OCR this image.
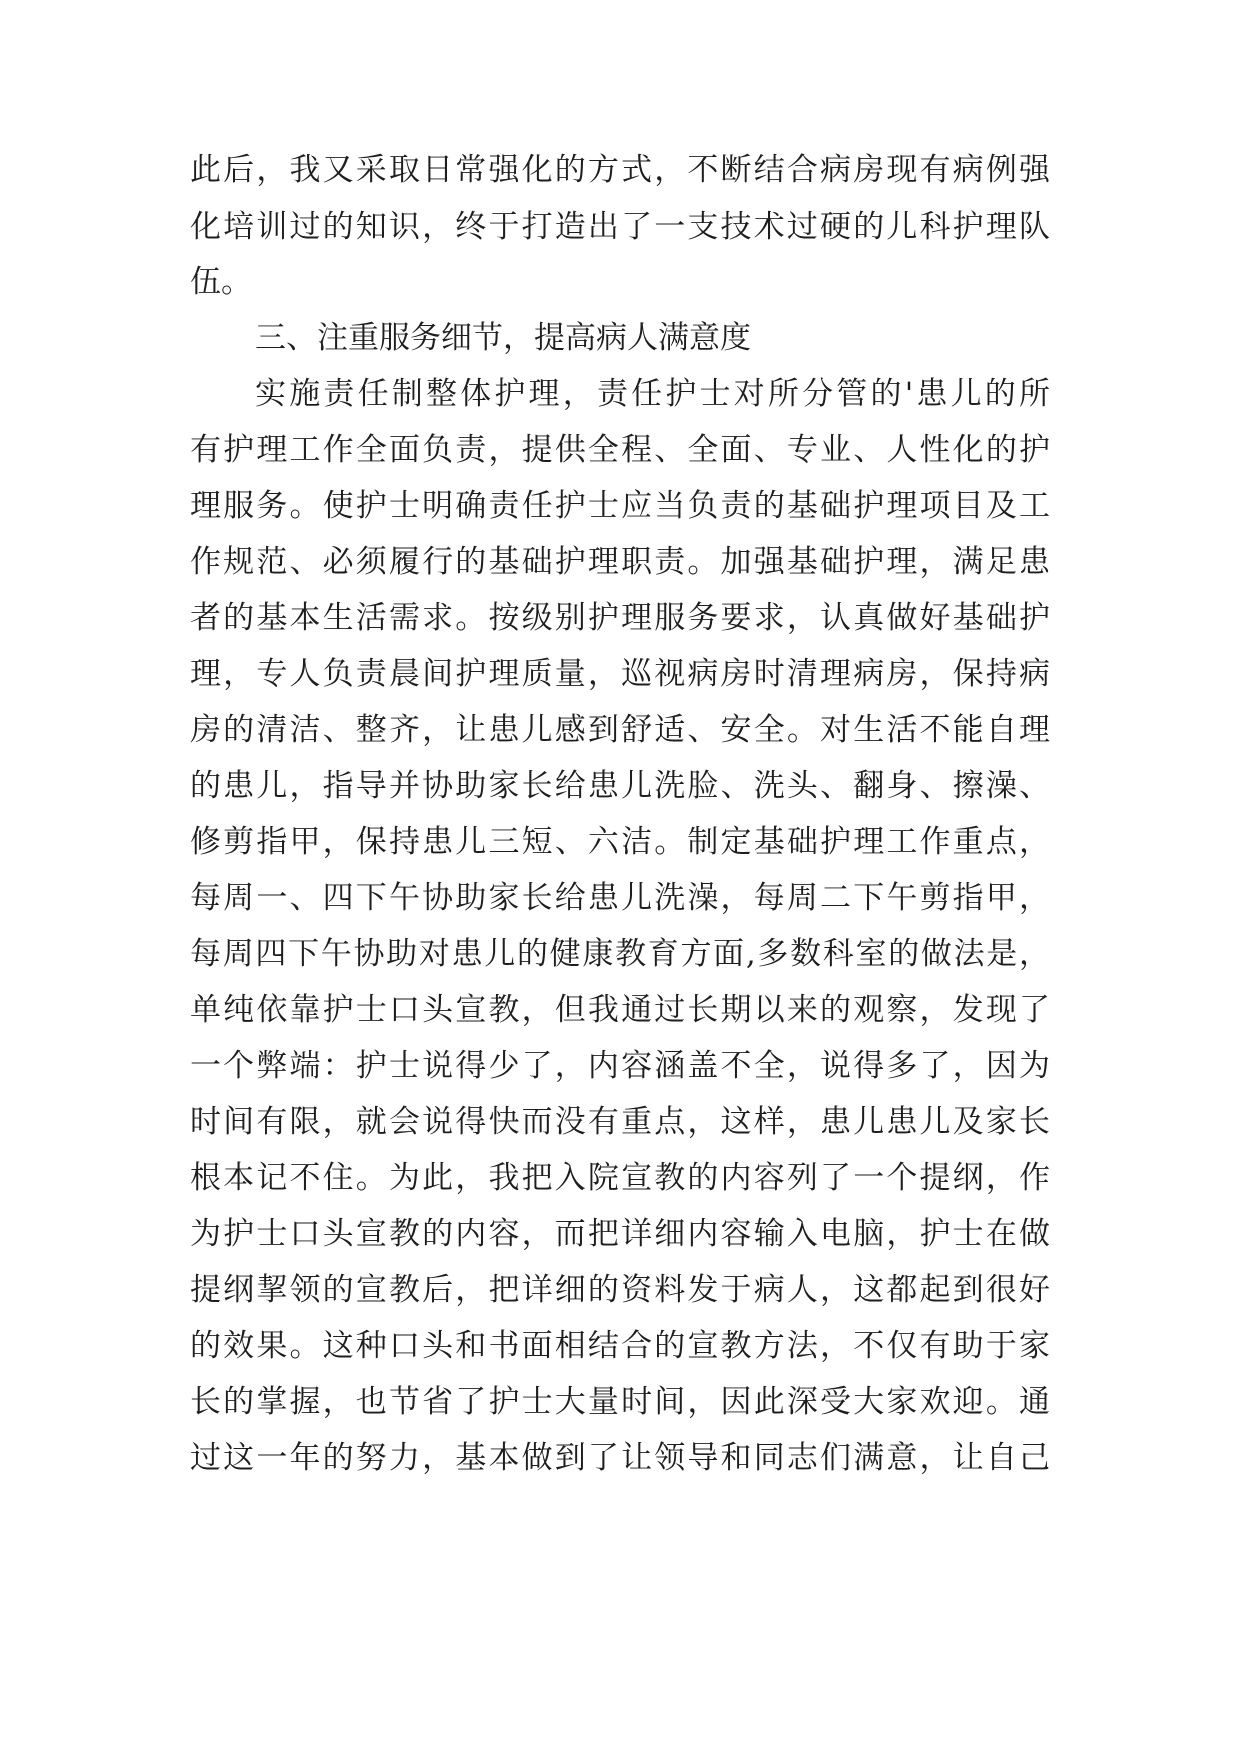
此后，我又采取日常强化的方式，不断结合病房现有病例强

化培训过的知识，终于打造出了一支技术过硬的儿科护理队

伍。

三、注重服务细节，提高病人满意度

实施责任制整体护理，责任护士对所分管的'患儿的所

有护理工作全面负责，提供全程、全面、专业、人性化的护

理服务。使护士明确责任护士应当负责的基础护理项目及工

作规范、必须履行的基础护理职责。加强基础护理，满足患

者的基本生活需求。按级别护理服务要求，认真做好基础护

理，专人负责晨间护理质量，巡视病房时清理病房，保持病

房的清洁、整齐，让患儿感到舒适、安全。对生活不能自理

的患儿，指导并协助家长给患儿洗脸、洗头、翻身、擦澡、

修剪指甲，保持患儿三短、六洁。制定基础护理工作重点，

每周一、四下午协助家长给患儿洗澡，每周二下午剪指甲，

每周四下午协助对患儿的健康教育方面,多数科室的做法是，

单纯依靠护士口头宣教，但我通过长期以来的观察，发现了

一个弊端：护士说得少了，内容涵盖不全，说得多了，因为

时间有限，就会说得快而没有重点，这样，患儿患儿及家长

根本记不住。为此，我把入院宣教的内容列了一个提纲，作

为护士口头宣教的内容，而把详细内容输入电脑，护士在做

提纲挈领的宣教后，把详细的资料发于病人，这都起到很好

的效果。这种口头和书面相结合的宣教方法，不仅有助于家

长的掌握，也节省了护士大量时间，因此深受大家欢迎。通

过这一年的努力，基本做到了让领导和同志们满意，让自己
